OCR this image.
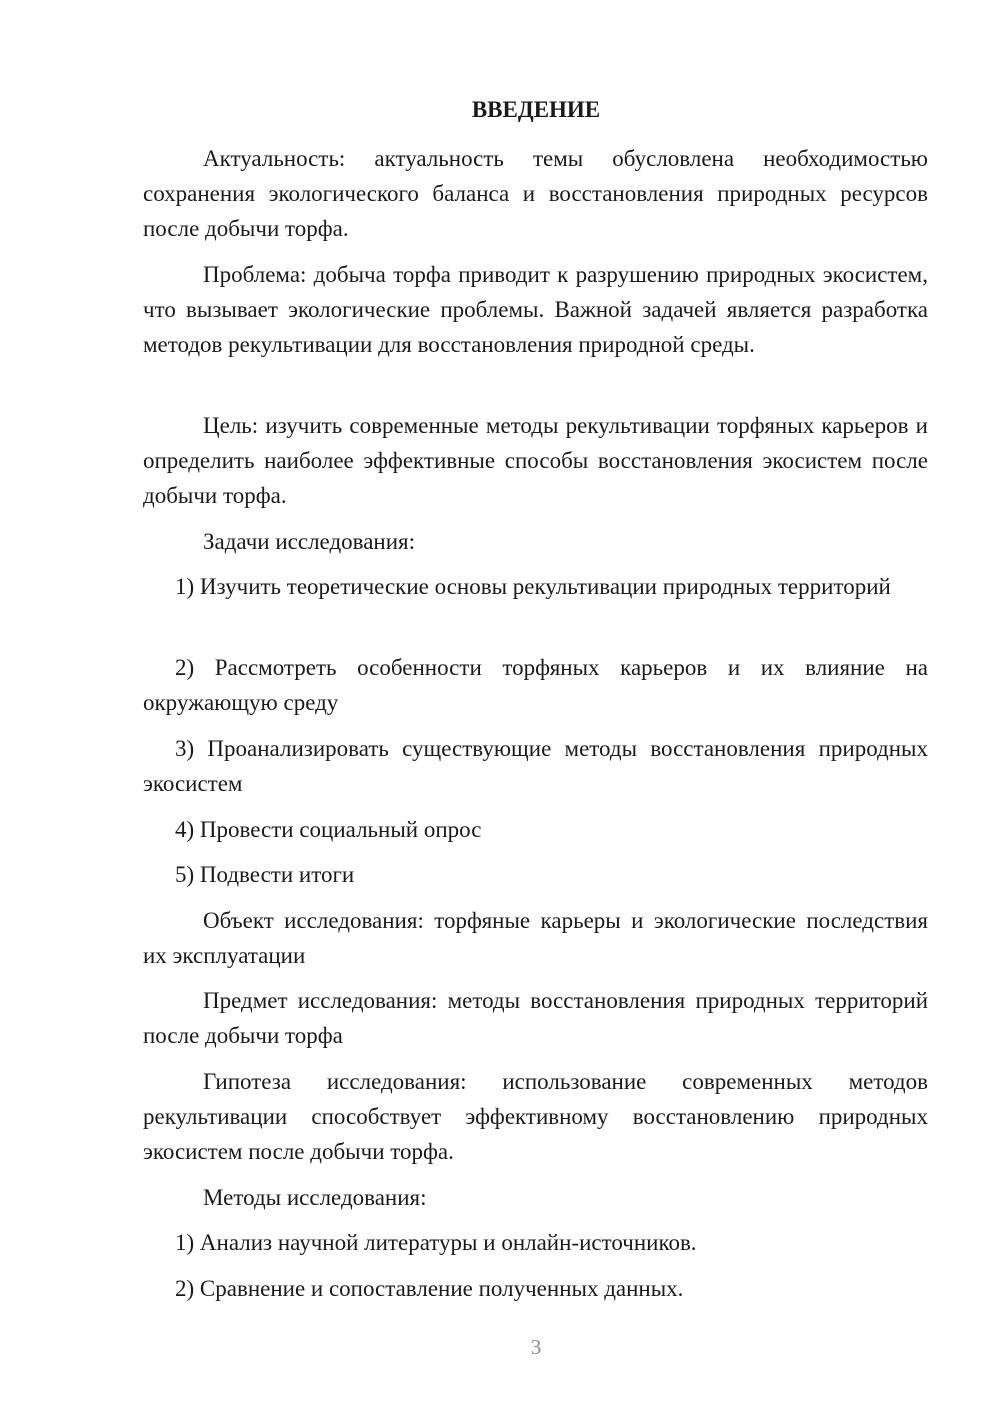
ВВЕДЕНИЕ

Актуальность: актуальность темы обусловлена необходимостью сохранения экологического баланса и восстановления природных ресурсов после добычи торфа.

Проблема: добыча торфа приводит к разрушению природных экосистем, что вызывает экологические проблемы. Важной задачей является разработка методов рекультивации для восстановления природной среды.

Цель: изучить современные методы рекультивации торфяных карьеров и определить наиболее эффективные способы восстановления экосистем после добычи торфа.

Задачи исследования:

1) Изучить теоретические основы рекультивации природных территорий

2) Рассмотреть особенности торфяных карьеров и их влияние на окружающую среду

3) Проанализировать существующие методы восстановления природных экосистем

4) Провести социальный опрос

5) Подвести итоги

Объект исследования: торфяные карьеры и экологические последствия их эксплуатации

Предмет исследования: методы восстановления природных территорий после добычи торфа

Гипотеза исследования: использование современных методов рекультивации способствует эффективному восстановлению природных экосистем после добычи торфа.

Методы исследования:

1) Анализ научной литературы и онлайн-источников.

2) Сравнение и сопоставление полученных данных.

3
